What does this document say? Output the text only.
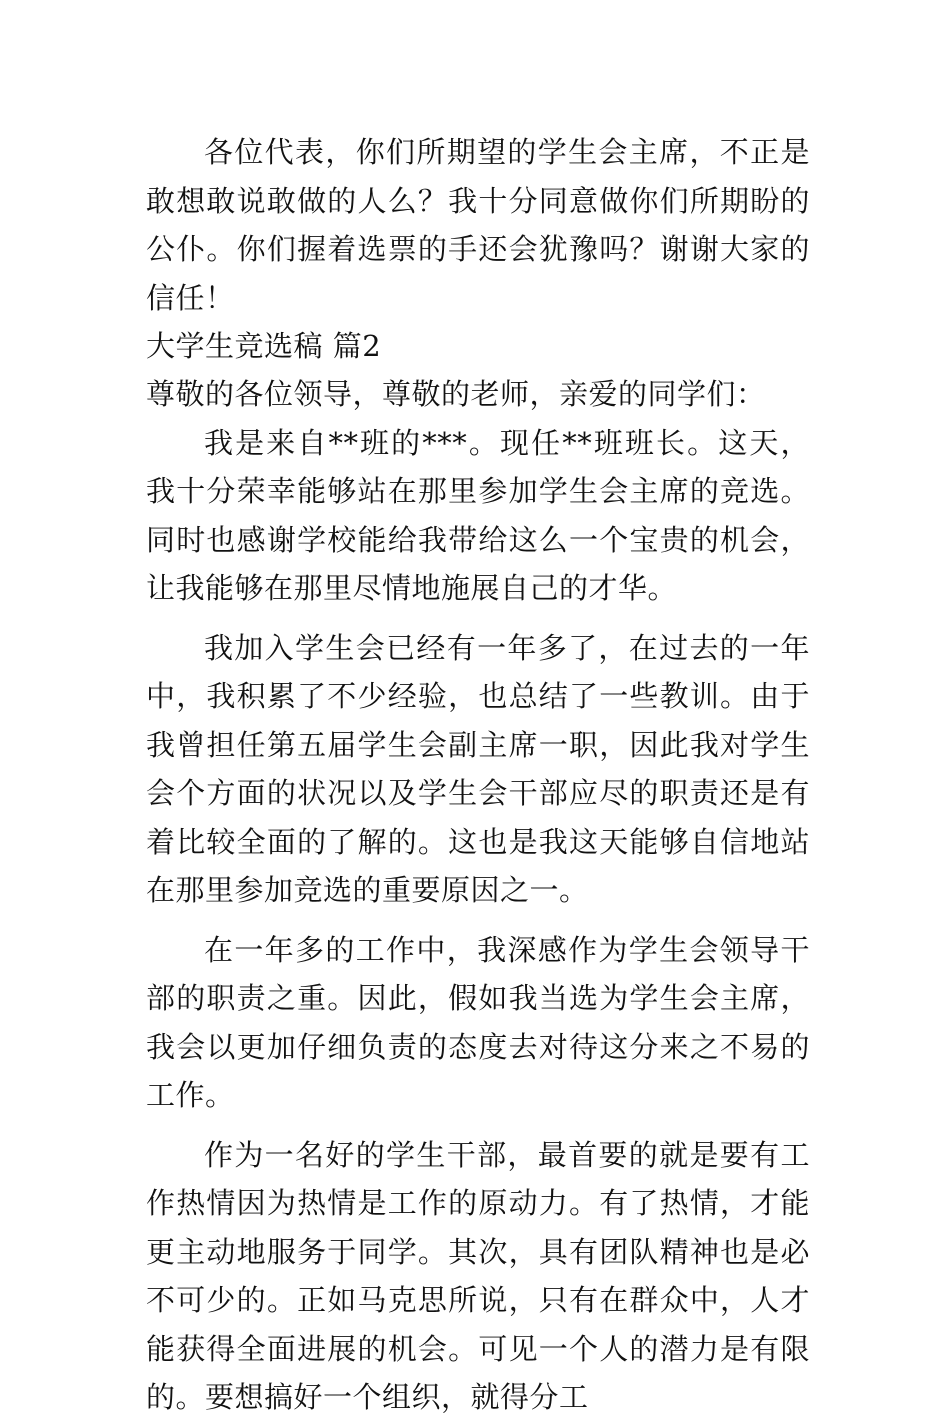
各位代表，你们所期望的学生会主席，不正是敢想敢说敢做的人么？我十分同意做你们所期盼的公仆。你们握着选票的手还会犹豫吗？谢谢大家的信任！

大学生竞选稿 篇2

尊敬的各位领导，尊敬的老师，亲爱的同学们：

我是来自**班的***。现任**班班长。这天，我十分荣幸能够站在那里参加学生会主席的竞选。同时也感谢学校能给我带给这么一个宝贵的机会，让我能够在那里尽情地施展自己的才华。

我加入学生会已经有一年多了，在过去的一年中，我积累了不少经验，也总结了一些教训。由于我曾担任第五届学生会副主席一职，因此我对学生会个方面的状况以及学生会干部应尽的职责还是有着比较全面的了解的。这也是我这天能够自信地站在那里参加竞选的重要原因之一。

在一年多的工作中，我深感作为学生会领导干部的职责之重。因此，假如我当选为学生会主席，我会以更加仔细负责的态度去对待这分来之不易的工作。

作为一名好的学生干部，最首要的就是要有工作热情因为热情是工作的原动力。有了热情，才能更主动地服务于同学。其次，具有团队精神也是必不可少的。正如马克思所说，只有在群众中，人才能获得全面进展的机会。可见一个人的潜力是有限的。要想搞好一个组织，就得分工
